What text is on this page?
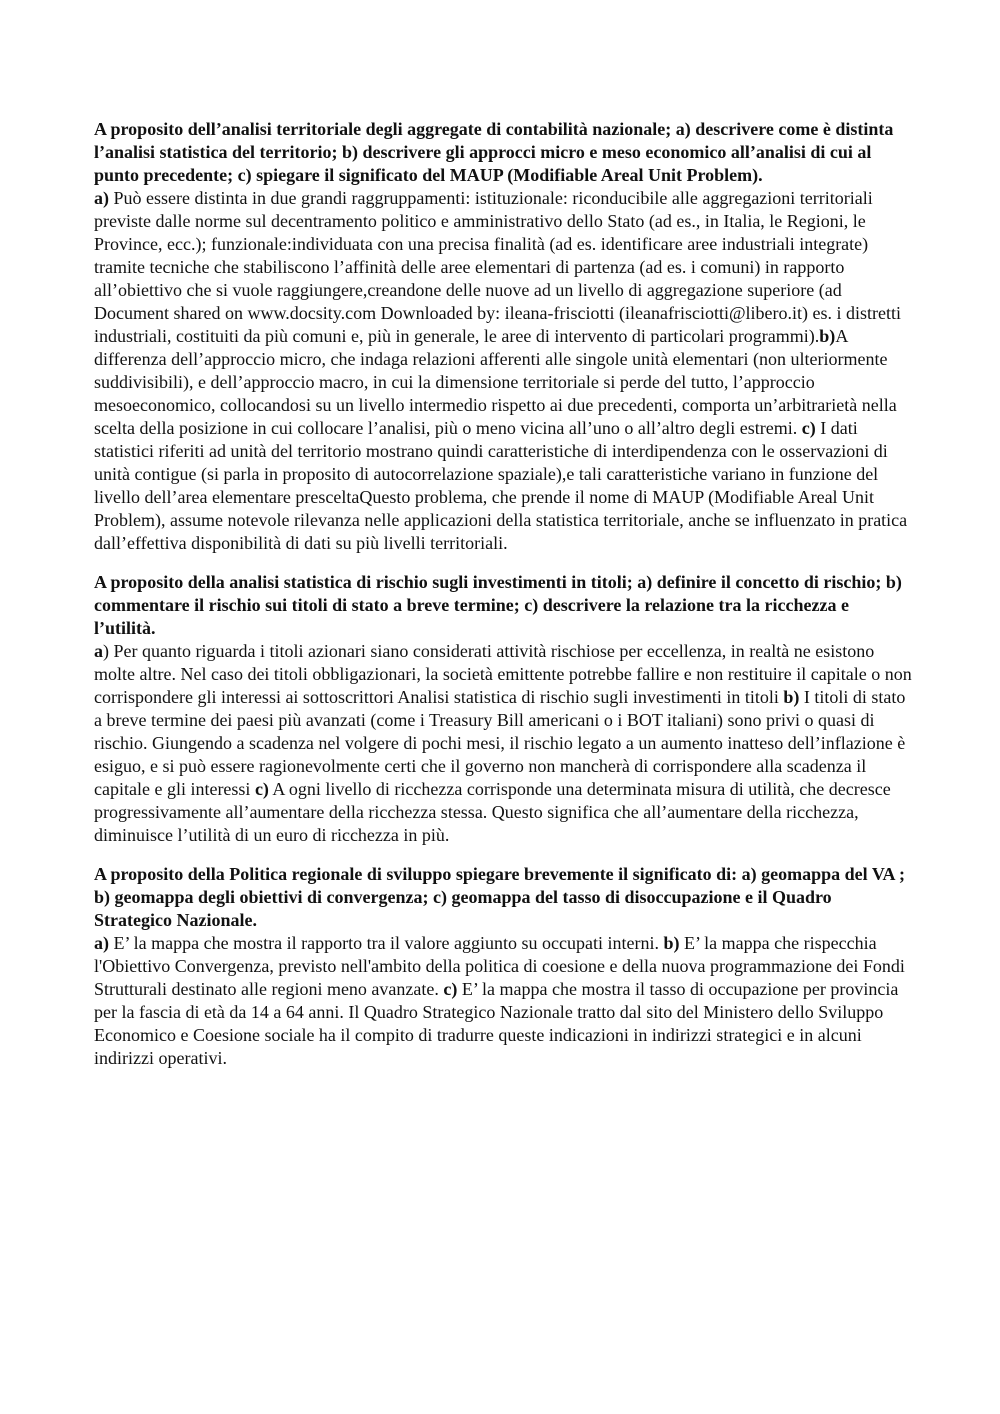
A proposito dell’analisi territoriale degli aggregate di contabilità nazionale; a) descrivere come è distinta l’analisi statistica del territorio; b) descrivere gli approcci micro e meso economico all’analisi di cui al punto precedente; c) spiegare il significato del MAUP (Modifiable Areal Unit Problem).

a) Può essere distinta in due grandi raggruppamenti: istituzionale: riconducibile alle aggregazioni territoriali previste dalle norme sul decentramento politico e amministrativo dello Stato (ad es., in Italia, le Regioni, le Province, ecc.); funzionale:individuata con una precisa finalità (ad es. identificare aree industriali integrate) tramite tecniche che stabiliscono l’affinità delle aree elementari di partenza (ad es. i comuni) in rapporto all’obiettivo che si vuole raggiungere,creandone delle nuove ad un livello di aggregazione superiore (ad Document shared on www.docsity.com Downloaded by: ileana-frisciotti (ileanafrisciotti@libero.it) es. i distretti industriali, costituiti da più comuni e, più in generale, le aree di intervento di particolari programmi).b)A differenza dell’approccio micro, che indaga relazioni afferenti alle singole unità elementari (non ulteriormente suddivisibili), e dell’approccio macro, in cui la dimensione territoriale si perde del tutto, l’approccio mesoeconomico, collocandosi su un livello intermedio rispetto ai due precedenti, comporta un’arbitrarietà nella scelta della posizione in cui collocare l’analisi, più o meno vicina all’uno o all’altro degli estremi. c) I dati statistici riferiti ad unità del territorio mostrano quindi caratteristiche di interdipendenza con le osservazioni di unità contigue (si parla in proposito di autocorrelazione spaziale),e tali caratteristiche variano in funzione del livello dell’area elementare prescelta​Questo problema, che prende il nome di MAUP (Modifiable Areal Unit Problem), assume notevole rilevanza nelle applicazioni della statistica territoriale, anche se influenzato in pratica dall’effettiva disponibilità di dati su più livelli territoriali.

A proposito della analisi statistica di rischio sugli investimenti in titoli; a) definire il concetto di rischio; b) commentare il rischio sui titoli di stato a breve termine; c) descrivere la relazione tra la ricchezza e l’utilità.

a) Per quanto riguarda i titoli azionari siano considerati attività rischiose per eccellenza, in realtà ne esistono molte altre. Nel caso dei titoli obbligazionari, la società emittente potrebbe fallire e non restituire il capitale o non corrispondere gli interessi ai sottoscrittori Analisi statistica di rischio sugli investimenti in titoli b) I titoli di stato a breve termine dei paesi più avanzati (come i Treasury Bill americani o i BOT italiani) sono privi o quasi di rischio. Giungendo a scadenza nel volgere di pochi mesi, il rischio legato a un aumento inatteso dell’inflazione è esiguo, e si può essere ragionevolmente certi che il governo non mancherà di corrispondere alla scadenza il capitale e gli interessi c) A ogni livello di ricchezza corrisponde una determinata misura di utilità, che decresce progressivamente all’aumentare della ricchezza stessa. Questo significa che all’aumentare della ricchezza, diminuisce l’utilità di un euro di ricchezza in più.

A proposito della Politica regionale di sviluppo spiegare brevemente il significato di: a) geomappa del VA ; b) geomappa degli obiettivi di convergenza; c) geomappa del tasso di disoccupazione e il Quadro Strategico Nazionale.

a) E’ la mappa che mostra il rapporto tra il valore aggiunto su occupati interni. b) E’ la mappa che rispecchia l'Obiettivo Convergenza, previsto nell'ambito della politica di coesione e della nuova programmazione dei Fondi Strutturali destinato alle regioni meno avanzate. c) E’ la mappa che mostra il tasso di occupazione per provincia per la fascia di età da 14 a 64 anni. Il Quadro Strategico Nazionale tratto dal sito del Ministero dello Sviluppo Economico e Coesione sociale ha il compito di tradurre queste indicazioni in indirizzi strategici e in alcuni indirizzi operativi.
